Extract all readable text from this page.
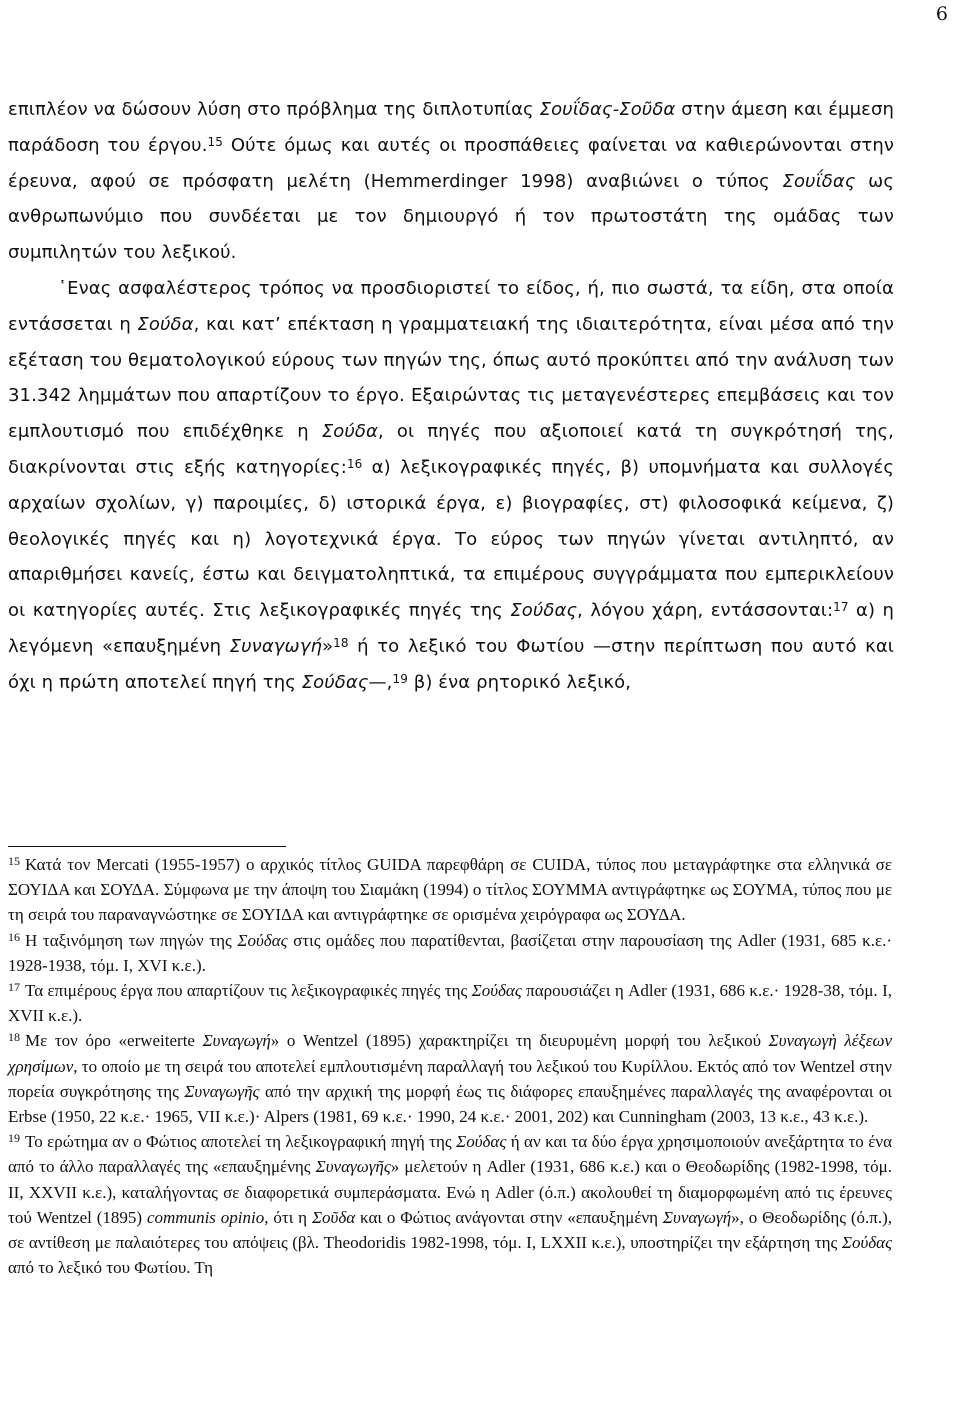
6

επιπλέον να δώσουν λύση στο πρόβλημα της διπλοτυπίας Σουΐδας-Σοῦδα στην άμεση και έμμεση παράδοση του έργου.$^{15}$ Ούτε όμως και αυτές οι προσπάθειες φαίνεται να καθιερώνονται στην έρευνα, αφού σε πρόσφατη μελέτη (Hemmerdinger 1998) αναβιώνει ο τύπος Σουΐδας ως ανθρωπωνύμιο που συνδέεται με τον δημιουργό ή τον πρωτοστάτη της ομάδας των συμπιλητών του λεξικού.

῾Ενας ασφαλέστερος τρόπος να προσδιοριστεί το είδος, ή, πιο σωστά, τα είδη, στα οποία εντάσσεται η Σούδα, και κατ’ επέκταση η γραμματειακή της ιδιαιτερότητα, είναι μέσα από την εξέταση του θεματολογικού εύρους των πηγών της, όπως αυτό προκύπτει από την ανάλυση των 31.342 λημμάτων που απαρτίζουν το έργο. Εξαιρώντας τις μεταγενέστερες επεμβάσεις και τον εμπλουτισμό που επιδέχθηκε η Σούδα, οι πηγές που αξιοποιεί κατά τη συγκρότησή της, διακρίνονται στις εξής κατηγορίες:$^{16}$ α) λεξικογραφικές πηγές, β) υπομνήματα και συλλογές αρχαίων σχολίων, γ) παροιμίες, δ) ιστορικά έργα, ε) βιογραφίες, στ) φιλοσοφικά κείμενα, ζ) θεολογικές πηγές και η) λογοτεχνικά έργα. Το εύρος των πηγών γίνεται αντιληπτό, αν απαριθμήσει κανείς, έστω και δειγματοληπτικά, τα επιμέρους συγγράμματα που εμπερικλείουν οι κατηγορίες αυτές. Στις λεξικογραφικές πηγές της Σούδας, λόγου χάρη, εντάσσονται:$^{17}$ α) η λεγόμενη «επαυξημένη Συναγωγή»$^{18}$ ή το λεξικό του Φωτίου —στην περίπτωση που αυτό και όχι η πρώτη αποτελεί πηγή της Σούδας—,$^{19}$ β) ένα ρητορικό λεξικό,

$^{15}$ Κατά τον Mercati (1955-1957) ο αρχικός τίτλος GUIDA παρεφθάρη σε CUIDA, τύπος που μεταγράφτηκε στα ελληνικά σε ΣΟΥΙΔΑ και ΣΟΥΔΑ. Σύμφωνα με την άποψη του Σιαμάκη (1994) ο τίτλος ΣΟΥΜΜΑ αντιγράφτηκε ως ΣΟΥΜΑ, τύπος που με τη σειρά του παραναγνώστηκε σε ΣΟΥΙΔΑ και αντιγράφτηκε σε ορισμένα χειρόγραφα ως ΣΟΥΔΑ.

$^{16}$ Η ταξινόμηση των πηγών της Σούδας στις ομάδες που παρατίθενται, βασίζεται στην παρουσίαση της Adler (1931, 685 κ.ε.· 1928-1938, τόμ. Ι, XVI κ.ε.).

$^{17}$ Τα επιμέρους έργα που απαρτίζουν τις λεξικογραφικές πηγές της Σούδας παρουσιάζει η Adler (1931, 686 κ.ε.· 1928-38, τόμ. Ι, XVII κ.ε.).

$^{18}$ Με τον όρο «erweiterte Συναγωγή» ο Wentzel (1895) χαρακτηρίζει τη διευρυμένη μορφή του λεξικού Συναγωγὴ λέξεων χρησίμων, το οποίο με τη σειρά του αποτελεί εμπλουτισμένη παραλλαγή του λεξικού του Κυρίλλου. Εκτός από τον Wentzel στην πορεία συγκρότησης της Συναγωγῆς από την αρχική της μορφή έως τις διάφορες επαυξημένες παραλλαγές της αναφέρονται οι Erbse (1950, 22 κ.ε.· 1965, VII κ.ε.)· Alpers (1981, 69 κ.ε.· 1990, 24 κ.ε.· 2001, 202) και Cunningham (2003, 13 κ.ε., 43 κ.ε.).

$^{19}$ Το ερώτημα αν ο Φώτιος αποτελεί τη λεξικογραφική πηγή της Σούδας ή αν και τα δύο έργα χρησιμοποιούν ανεξάρτητα το ένα από το άλλο παραλλαγές της «επαυξημένης Συναγωγῆς» μελετούν η Adler (1931, 686 κ.ε.) και ο Θεοδωρίδης (1982-1998, τόμ. ΙΙ, XXVII κ.ε.), καταλήγοντας σε διαφορετικά συμπεράσματα. Ενώ η Adler (ό.π.) ακολουθεί τη διαμορφωμένη από τις έρευνες τού Wentzel (1895) communis opinio, ότι η Σοῦδα και ο Φώτιος ανάγονται στην «επαυξημένη Συναγωγή», ο Θεοδωρίδης (ό.π.), σε αντίθεση με παλαιότερες του απόψεις (βλ. Theodoridis 1982-1998, τόμ. Ι, LXXII κ.ε.), υποστηρίζει την εξάρτηση της Σούδας από το λεξικό του Φωτίου. Τη
